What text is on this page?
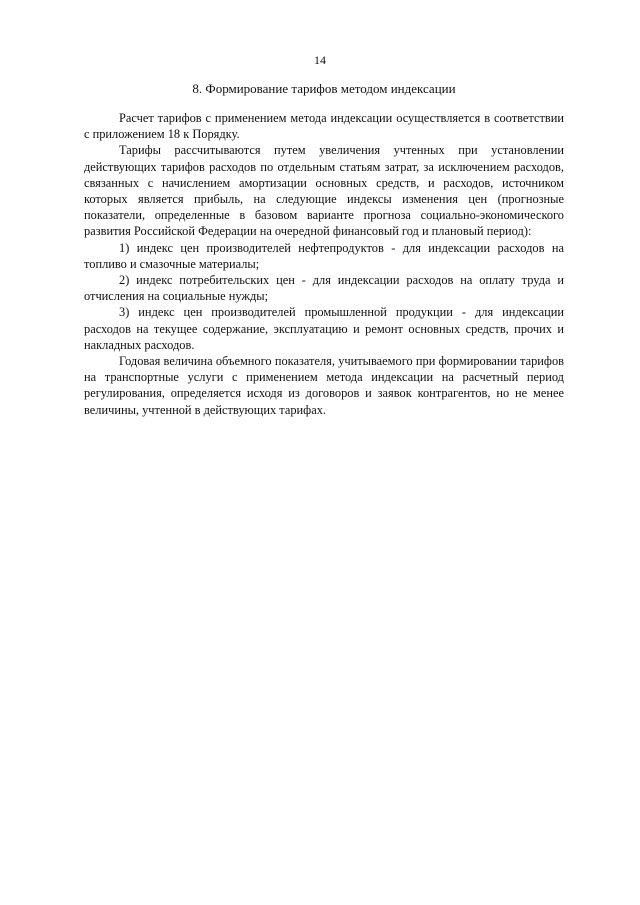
14
8. Формирование тарифов методом индексации

Расчет тарифов с применением метода индексации осуществляется в соответствии с приложением 18 к Порядку.

Тарифы рассчитываются путем увеличения учтенных при установлении действующих тарифов расходов по отдельным статьям затрат, за исключением расходов, связанных с начислением амортизации основных средств, и расходов, источником которых является прибыль, на следующие индексы изменения цен (прогнозные показатели, определенные в базовом варианте прогноза социально-экономического развития Российской Федерации на очередной финансовый год и плановый период):

1) индекс цен производителей нефтепродуктов - для индексации расходов на топливо и смазочные материалы;

2) индекс потребительских цен - для индексации расходов на оплату труда и отчисления на социальные нужды;

3) индекс цен производителей промышленной продукции - для индексации расходов на текущее содержание, эксплуатацию и ремонт основных средств, прочих и накладных расходов.

Годовая величина объемного показателя, учитываемого при формировании тарифов на транспортные услуги с применением метода индексации на расчетный период регулирования, определяется исходя из договоров и заявок контрагентов, но не менее величины, учтенной в действующих тарифах.
